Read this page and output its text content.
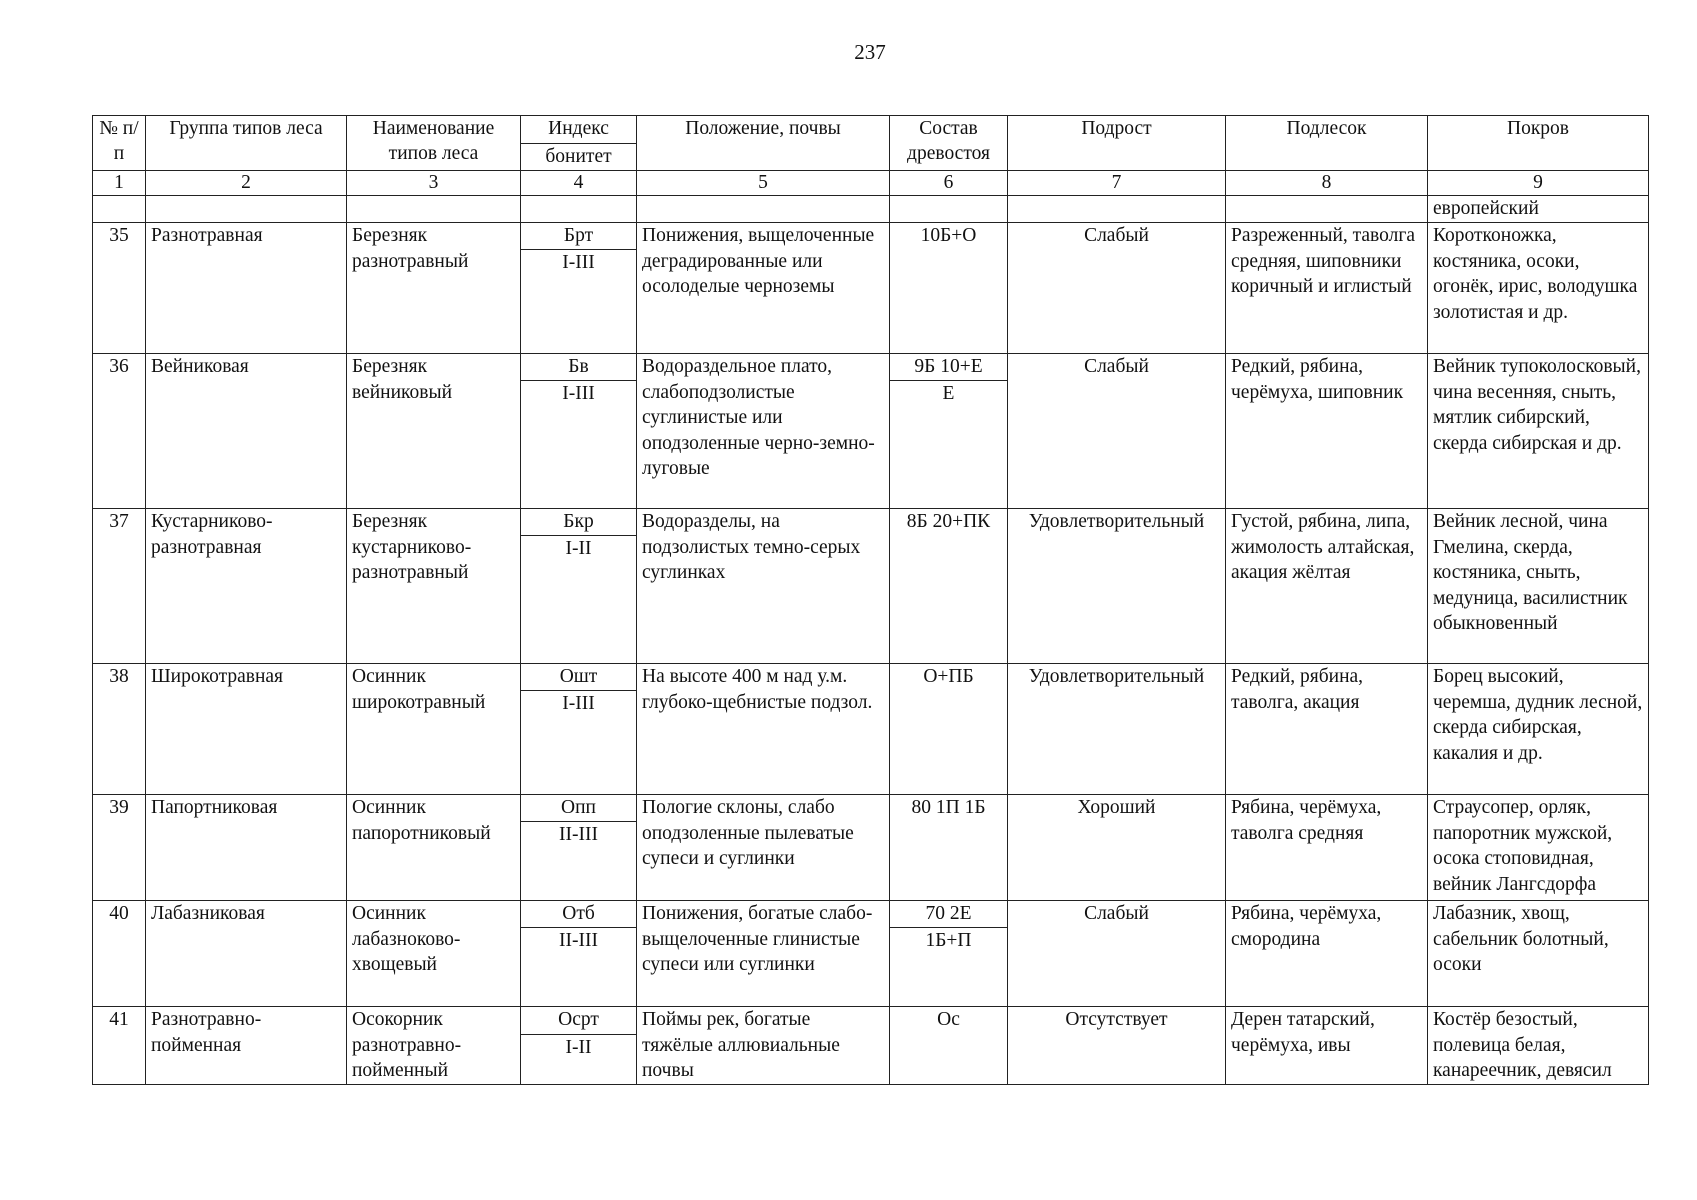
237
№ п/п	Группа типов леса	Наименование типов леса	Индекс	Положение, почвы	Состав древостоя	Подрост	Подлесок	Покров
			бонитет					
1	2	3	4	5	6	7	8	9
								европейский
35	Разнотравная	Березняк разнотравный	Брт	Понижения, выщелоченные деградированные или осолоделые черноземы	10Б+О	Слабый	Разреженный, таволга средняя, шиповники коричный и иглистый	Коротконожка, костяника, осоки, огонёк, ирис, володушка золотистая и др.
			I-III					
36	Вейниковая	Березняк вейниковый	Бв	Водораздельное плато, слабоподзолистые суглинистые или оподзоленные черно-земно-луговые	9Б 10+Е	Слабый	Редкий, рябина, черёмуха, шиповник	Вейник тупоколосковый, чина весенняя, сныть, мятлик сибирский, скерда сибирская и др.
			I-III		Е			
37	Кустарниково-разнотравная	Березняк кустарниково-разнотравный	Бкр	Водоразделы, на подзолистых темно-серых суглинках	8Б 20+ПК	Удовлетворительный	Густой, рябина, липа, жимолость алтайская, акация жёлтая	Вейник лесной, чина Гмелина, скерда, костяника, сныть, медуница, василистник обыкновенный
			I-II					
38	Широкотравная	Осинник широкотравный	Ошт	На высоте 400 м над у.м. глубоко-щебнистые подзол.	О+ПБ	Удовлетворительный	Редкий, рябина, таволга, акация	Борец высокий, черемша, дудник лесной, скерда сибирская, какалия и др.
			I-III					
39	Папортниковая	Осинник папоротниковый	Опп	Пологие склоны, слабо оподзоленные пылеватые супеси и суглинки	80 1П 1Б	Хороший	Рябина, черёмуха, таволга средняя	Страусопер, орляк, папоротник мужской, осока стоповидная, вейник Лангсдорфа
			II-III					
40	Лабазниковая	Осинник лабазноково-хвощевый	Отб	Понижения, богатые слабо-выщелоченные глинистые супеси или суглинки	70 2Е	Слабый	Рябина, черёмуха, смородина	Лабазник, хвощ, сабельник болотный, осоки
			II-III		1Б+П			
41	Разнотравно-пойменная	Осокорник разнотравно-пойменный	Осрт	Поймы рек, богатые тяжёлые аллювиальные почвы	Ос	Отсутствует	Дерен татарский, черёмуха, ивы	Костёр безостый, полевица белая, канареечник, девясил
			I-II					
